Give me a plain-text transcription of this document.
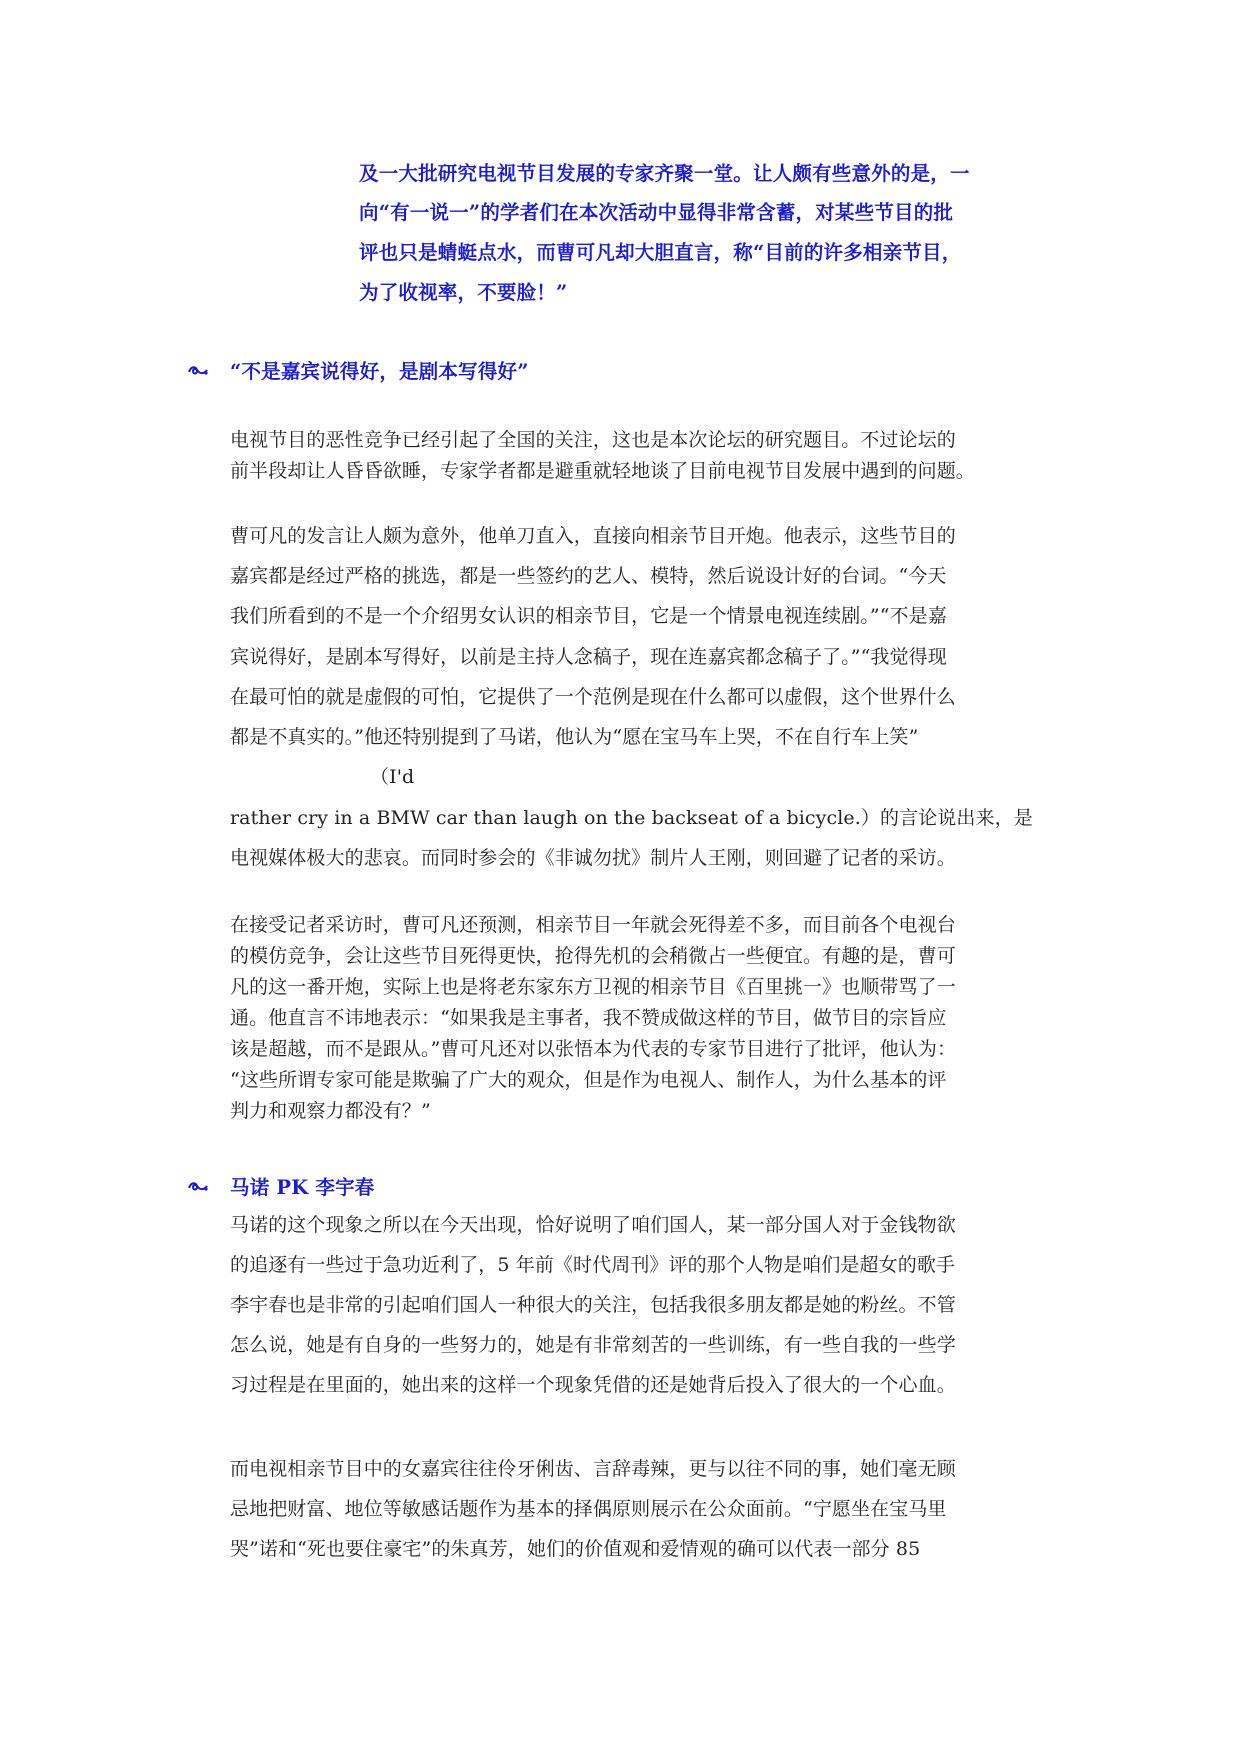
及一大批研究电视节目发展的专家齐聚一堂。让人颇有些意外的是，一
向“有一说一”的学者们在本次活动中显得非常含蓄，对某些节目的批
评也只是蜻蜓点水，而曹可凡却大胆直言，称“目前的许多相亲节目，
为了收视率，不要脸！”
“不是嘉宾说得好，是剧本写得好”
电视节目的恶性竞争已经引起了全国的关注，这也是本次论坛的研究题目。不过论坛的
前半段却让人昏昏欲睡，专家学者都是避重就轻地谈了目前电视节目发展中遇到的问题。
曹可凡的发言让人颇为意外，他单刀直入，直接向相亲节目开炮。他表示，这些节目的
嘉宾都是经过严格的挑选，都是一些签约的艺人、模特，然后说设计好的台词。“今天
我们所看到的不是一个介绍男女认识的相亲节目，它是一个情景电视连续剧。”“不是嘉
宾说得好，是剧本写得好，以前是主持人念稿子，现在连嘉宾都念稿子了。”“我觉得现
在最可怕的就是虚假的可怕，它提供了一个范例是现在什么都可以虚假，这个世界什么
都是不真实的。”他还特别提到了马诺，他认为“愿在宝马车上哭，不在自行车上笑”
（I'd
rather cry in a BMW car than laugh on the backseat of a bicycle.）的言论说出来，是
电视媒体极大的悲哀。而同时参会的《非诚勿扰》制片人王刚，则回避了记者的采访。
在接受记者采访时，曹可凡还预测，相亲节目一年就会死得差不多，而目前各个电视台
的模仿竞争，会让这些节目死得更快，抢得先机的会稍微占一些便宜。有趣的是，曹可
凡的这一番开炮，实际上也是将老东家东方卫视的相亲节目《百里挑一》也顺带骂了一
通。他直言不讳地表示：“如果我是主事者，我不赞成做这样的节目，做节目的宗旨应
该是超越，而不是跟从。”曹可凡还对以张悟本为代表的专家节目进行了批评，他认为：
“这些所谓专家可能是欺骗了广大的观众，但是作为电视人、制作人，为什么基本的评
判力和观察力都没有？”
马诺 PK 李宇春
马诺的这个现象之所以在今天出现，恰好说明了咱们国人，某一部分国人对于金钱物欲
的追逐有一些过于急功近利了，5 年前《时代周刊》评的那个人物是咱们是超女的歌手
李宇春也是非常的引起咱们国人一种很大的关注，包括我很多朋友都是她的粉丝。不管
怎么说，她是有自身的一些努力的，她是有非常刻苦的一些训练，有一些自我的一些学
习过程是在里面的，她出来的这样一个现象凭借的还是她背后投入了很大的一个心血。
而电视相亲节目中的女嘉宾往往伶牙俐齿、言辞毒辣，更与以往不同的事，她们毫无顾
忌地把财富、地位等敏感话题作为基本的择偶原则展示在公众面前。“宁愿坐在宝马里
哭”诺和“死也要住豪宅”的朱真芳，她们的价值观和爱情观的确可以代表一部分 85
